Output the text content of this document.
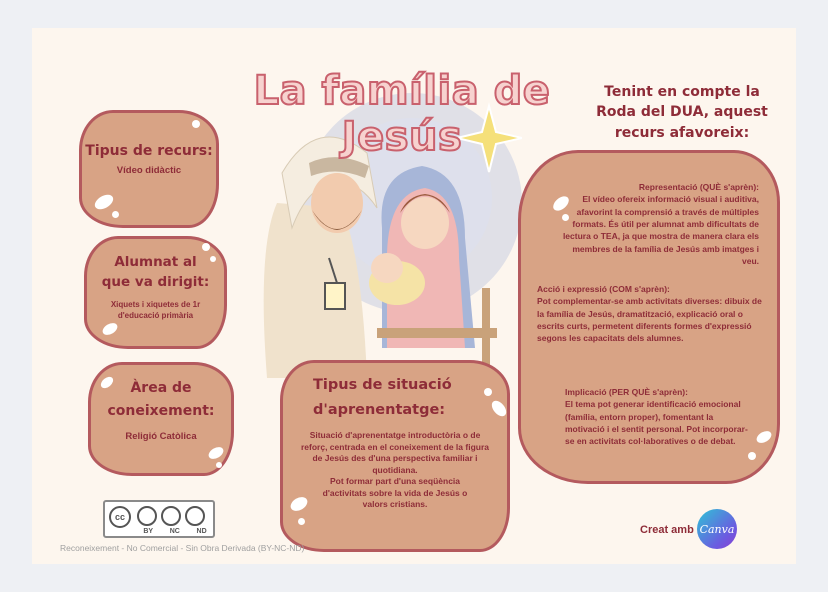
La família de Jesús
Tipus de recurs:
Vídeo didàctic
Alumnat al que va dirigit:
Xiquets i xiquetes de 1r d'educació primària
Àrea de coneixement:
Religió Catòlica
Tipus de situació d'aprenentatge:
Situació d'aprenentatge introductòria o de reforç, centrada en el coneixement de la figura de Jesús des d'una perspectiva familiar i quotidiana.
Pot formar part d'una seqüència d'activitats sobre la vida de Jesús o valors cristians.
Tenint en compte la Roda del DUA, aquest recurs afavoreix:

Representació (QUÈ s'aprèn):

El vídeo ofereix informació visual i auditiva, afavorint la comprensió a través de múltiples formats. És útil per alumnat amb dificultats de lectura o TEA, ja que mostra de manera clara els membres de la família de Jesús amb imatges i veu.

Acció i expressió (COM s'aprèn):

Pot complementar-se amb activitats diverses: dibuix de la família de Jesús, dramatització, explicació oral o escrits curts, permetent diferents formes d'expressió segons les capacitats dels alumnes.

Implicació (PER QUÈ s'aprèn):

El tema pot generar identificació emocional (família, entorn proper), fomentant la motivació i el sentit personal. Pot incorporar-se en activitats col·laboratives o de debat.

cc
BY NC ND
Reconeixement - No Comercial - Sin Obra Derivada (BY-NC-ND)
Creat amb Canva
